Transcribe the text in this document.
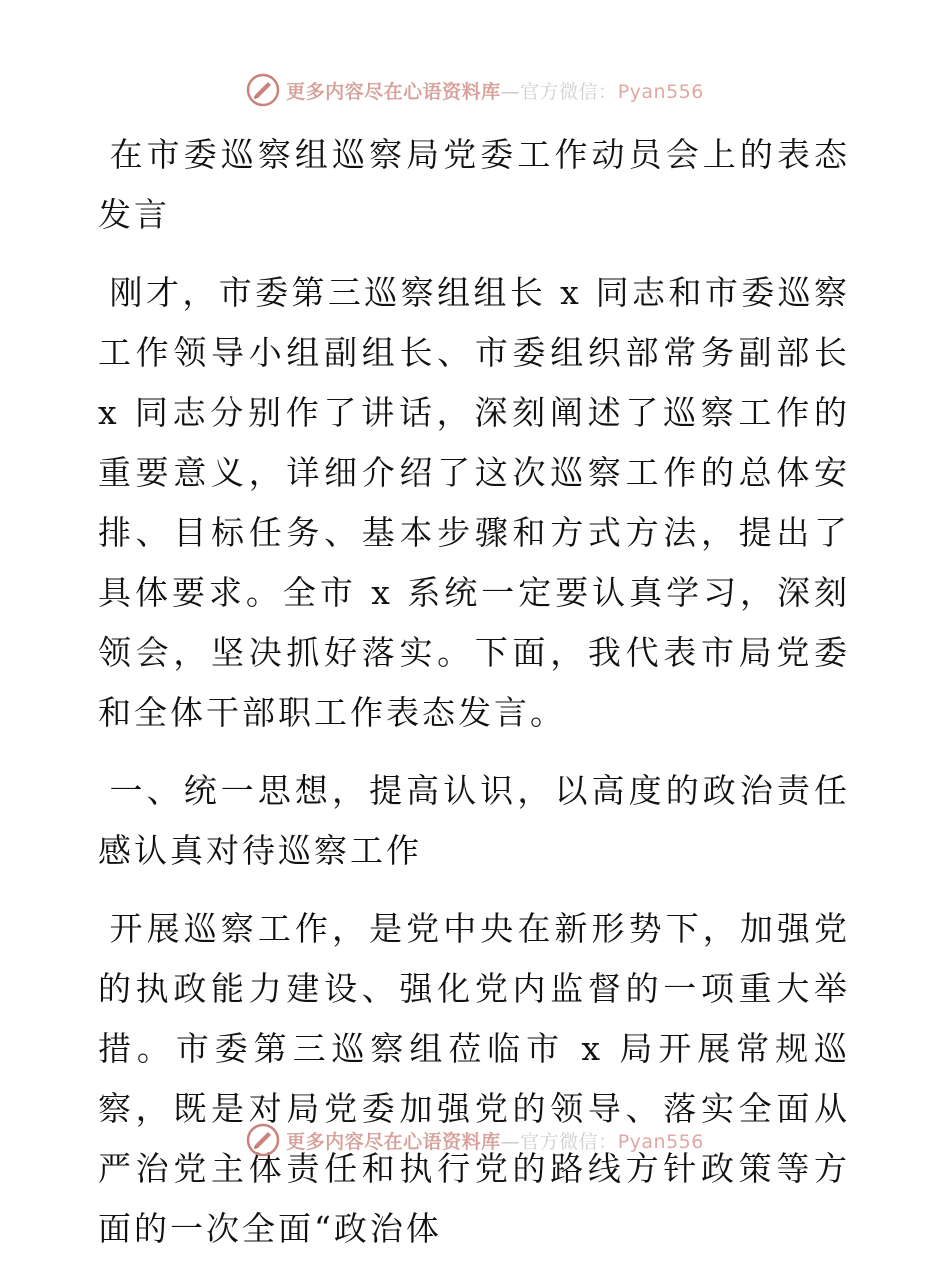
更多内容尽在心语资料库—官方微信：Pyan556

在市委巡察组巡察局党委工作动员会上的表态发言

刚才，市委第三巡察组组长 x 同志和市委巡察工作领导小组副组长、市委组织部常务副部长 x 同志分别作了讲话，深刻阐述了巡察工作的重要意义，详细介绍了这次巡察工作的总体安排、目标任务、基本步骤和方式方法，提出了具体要求。全市 x 系统一定要认真学习，深刻领会，坚决抓好落实。下面，我代表市局党委和全体干部职工作表态发言。

一、统一思想，提高认识，以高度的政治责任感认真对待巡察工作

开展巡察工作，是党中央在新形势下，加强党的执政能力建设、强化党内监督的一项重大举措。市委第三巡察组莅临市 x 局开展常规巡察，既是对局党委加强党的领导、落实全面从严治党主体责任和执行党的路线方针政策等方面的一次全面“政治体

更多内容尽在心语资料库—官方微信：Pyan556
